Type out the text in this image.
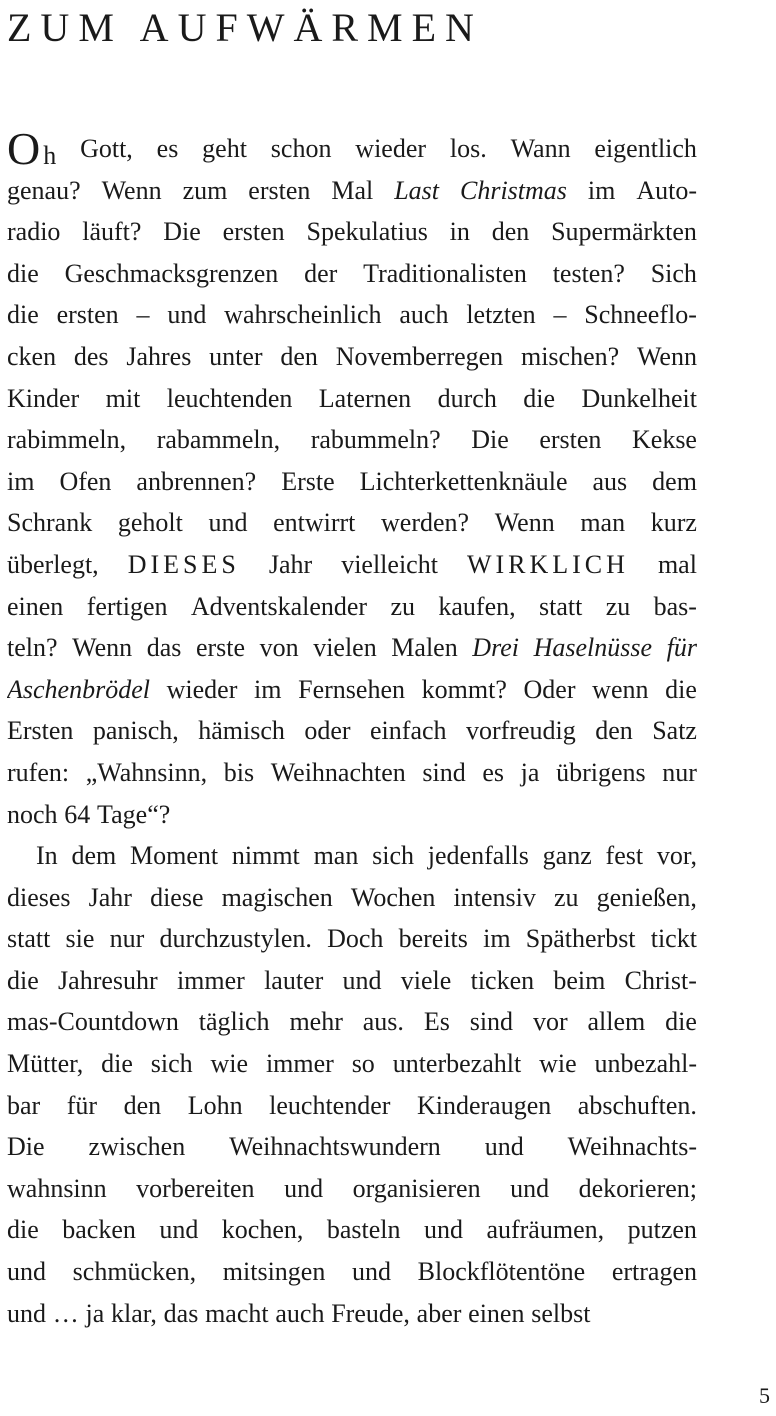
ZUM AUFWÄRMEN
Oh Gott, es geht schon wieder los. Wann eigentlich
genau? Wenn zum ersten Mal Last Christmas im Auto-
radio läuft? Die ersten Spekulatius in den Supermärkten
die Geschmacksgrenzen der Traditionalisten testen? Sich
die ersten – und wahrscheinlich auch letzten – Schneeflo-
cken des Jahres unter den Novemberregen mischen? Wenn
Kinder mit leuchtenden Laternen durch die Dunkelheit
rabimmeln, rabammeln, rabummeln? Die ersten Kekse
im Ofen anbrennen? Erste Lichterkettenknäule aus dem
Schrank geholt und entwirrt werden? Wenn man kurz
überlegt, DIESES Jahr vielleicht WIRKLICH mal
einen fertigen Adventskalender zu kaufen, statt zu bas-
teln? Wenn das erste von vielen Malen Drei Haselnüsse für
Aschenbrödel wieder im Fernsehen kommt? Oder wenn die
Ersten panisch, hämisch oder einfach vorfreudig den Satz
rufen: „Wahnsinn, bis Weihnachten sind es ja übrigens nur
noch 64 Tage“?
In dem Moment nimmt man sich jedenfalls ganz fest vor,
dieses Jahr diese magischen Wochen intensiv zu genießen,
statt sie nur durchzustylen. Doch bereits im Spätherbst tickt
die Jahresuhr immer lauter und viele ticken beim Christ-
mas-Countdown täglich mehr aus. Es sind vor allem die
Mütter, die sich wie immer so unterbezahlt wie unbezahl-
bar für den Lohn leuchtender Kinderaugen abschuften.
Die zwischen Weihnachtswundern und Weihnachts-
wahnsinn vorbereiten und organisieren und dekorieren;
die backen und kochen, basteln und aufräumen, putzen
und schmücken, mitsingen und Blockflötentöne ertragen
und … ja klar, das macht auch Freude, aber einen selbst
5
